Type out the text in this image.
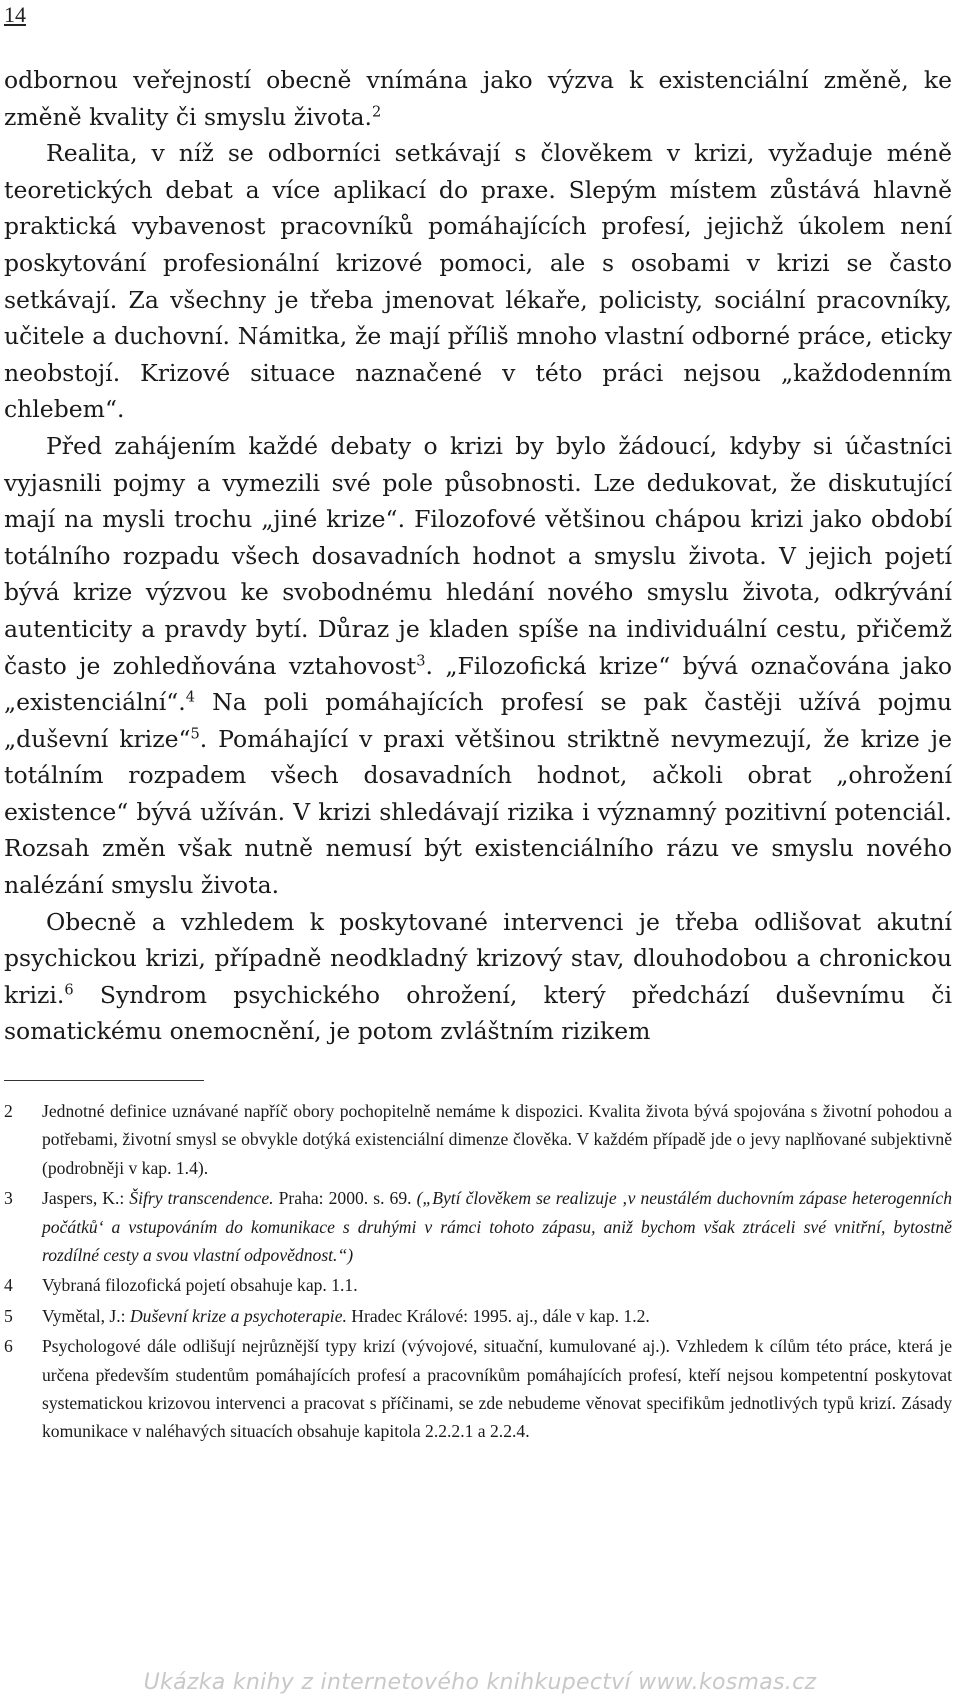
14

odbornou veřejností obecně vnímána jako výzva k existenciální změně, ke změně kvality či smyslu života.$^2$

Realita, v níž se odborníci setkávají s člověkem v krizi, vyžaduje méně teoretických debat a více aplikací do praxe. Slepým místem zůstává hlavně praktická vybavenost pracovníků pomáhajících profesí, jejichž úkolem není poskytování profesionální krizové pomoci, ale s osobami v krizi se často setkávají. Za všechny je třeba jmenovat lékaře, policisty, sociální pracovníky, učitele a duchovní. Námitka, že mají příliš mnoho vlastní odborné práce, eticky neobstojí. Krizové situace naznačené v této práci nejsou „každodenním chlebem“.

Před zahájením každé debaty o krizi by bylo žádoucí, kdyby si účastníci vyjasnili pojmy a vymezili své pole působnosti. Lze dedukovat, že diskutující mají na mysli trochu „jiné krize“. Filozofové většinou chápou krizi jako období totálního rozpadu všech dosavadních hodnot a smyslu života. V jejich pojetí bývá krize výzvou ke svobodnému hledání nového smyslu života, odkrývání autenticity a pravdy bytí. Důraz je kladen spíše na individuální cestu, přičemž často je zohledňována vztahovost$^3$. „Filozofická krize“ bývá označována jako „existenciální“.$^4$ Na poli pomáhajících profesí se pak častěji užívá pojmu „duševní krize“$^5$. Pomáhající v praxi většinou striktně nevymezují, že krize je totálním rozpadem všech dosavadních hodnot, ačkoli obrat „ohrožení existence“ bývá užíván. V krizi shledávají rizika i významný pozitivní potenciál. Rozsah změn však nutně nemusí být existenciálního rázu ve smyslu nového nalézání smyslu života.

Obecně a vzhledem k poskytované intervenci je třeba odlišovat akutní psychickou krizi, případně neodkladný krizový stav, dlouhodobou a chronickou krizi.$^6$ Syndrom psychického ohrožení, který předchází duševnímu či somatickému onemocnění, je potom zvláštním rizikem

2	Jednotné definice uznávané napříč obory pochopitelně nemáme k dispozici. Kvalita života bývá spojována s životní pohodou a potřebami, životní smysl se obvykle dotýká existenciální dimenze člověka. V každém případě jde o jevy naplňované subjektivně (podrobněji v kap. 1.4).
3	Jaspers, K.: Šifry transcendence. Praha: 2000. s. 69. („Bytí člověkem se realizuje ‚v neustálém duchovním zápase heterogenních počátků‘ a vstupováním do komunikace s druhými v rámci tohoto zápasu, aniž bychom však ztráceli své vnitřní, bytostně rozdílné cesty a svou vlastní odpovědnost.“)
4	Vybraná filozofická pojetí obsahuje kap. 1.1.
5	Vymětal, J.: Duševní krize a psychoterapie. Hradec Králové: 1995. aj., dále v kap. 1.2.
6	Psychologové dále odlišují nejrůznější typy krizí (vývojové, situační, kumulované aj.). Vzhledem k cílům této práce, která je určena především studentům pomáhajících profesí a pracovníkům pomáhajících profesí, kteří nejsou kompetentní poskytovat systematickou krizovou intervenci a pracovat s příčinami, se zde nebudeme věnovat specifikům jednotlivých typů krizí. Zásady komunikace v naléhavých situacích obsahuje kapitola 2.2.2.1 a 2.2.4.
Ukázka knihy z internetového knihkupectví www.kosmas.cz
